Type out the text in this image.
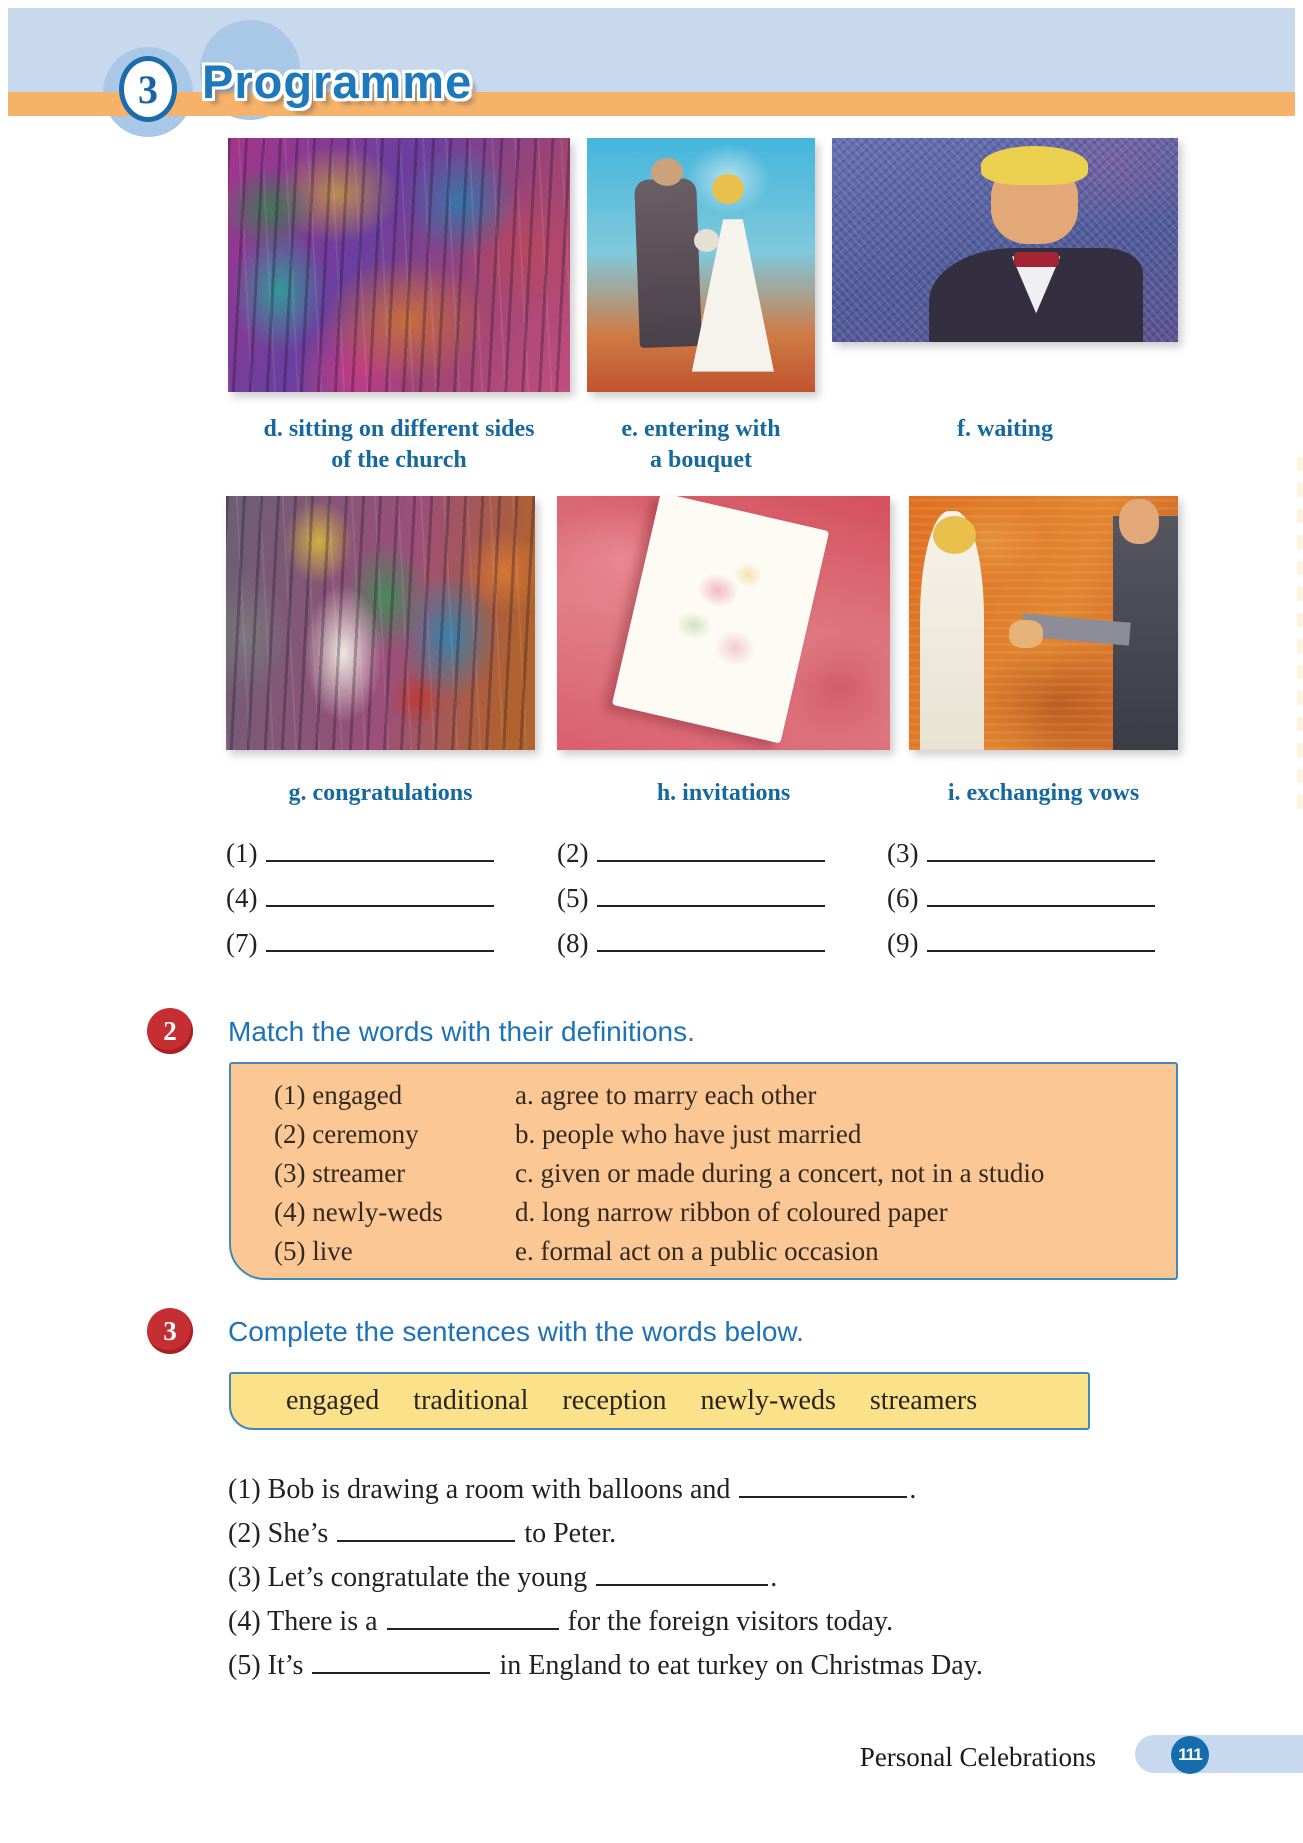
3 Programme
d. sitting on different sides
of the church
e. entering with
a bouquet
f. waiting
g. congratulations	h. invitations	i. exchanging vows
(1)	(2)	(3)
(4)	(5)	(6)
(7)	(8)	(9)
2 Match the words with their definitions.
(1) engaged	a. agree to marry each other
(2) ceremony	b. people who have just married
(3) streamer	c. given or made during a concert, not in a studio
(4) newly-weds	d. long narrow ribbon of coloured paper
(5) live	e. formal act on a public occasion
3 Complete the sentences with the words below.
engaged traditional reception newly-weds streamers
(1) Bob is drawing a room with balloons and	.
(2) She’s	to Peter.
(3) Let’s congratulate the young	.
(4) There is a	for the foreign visitors today.
(5) It’s	in England to eat turkey on Christmas Day.
Personal Celebrations	111
